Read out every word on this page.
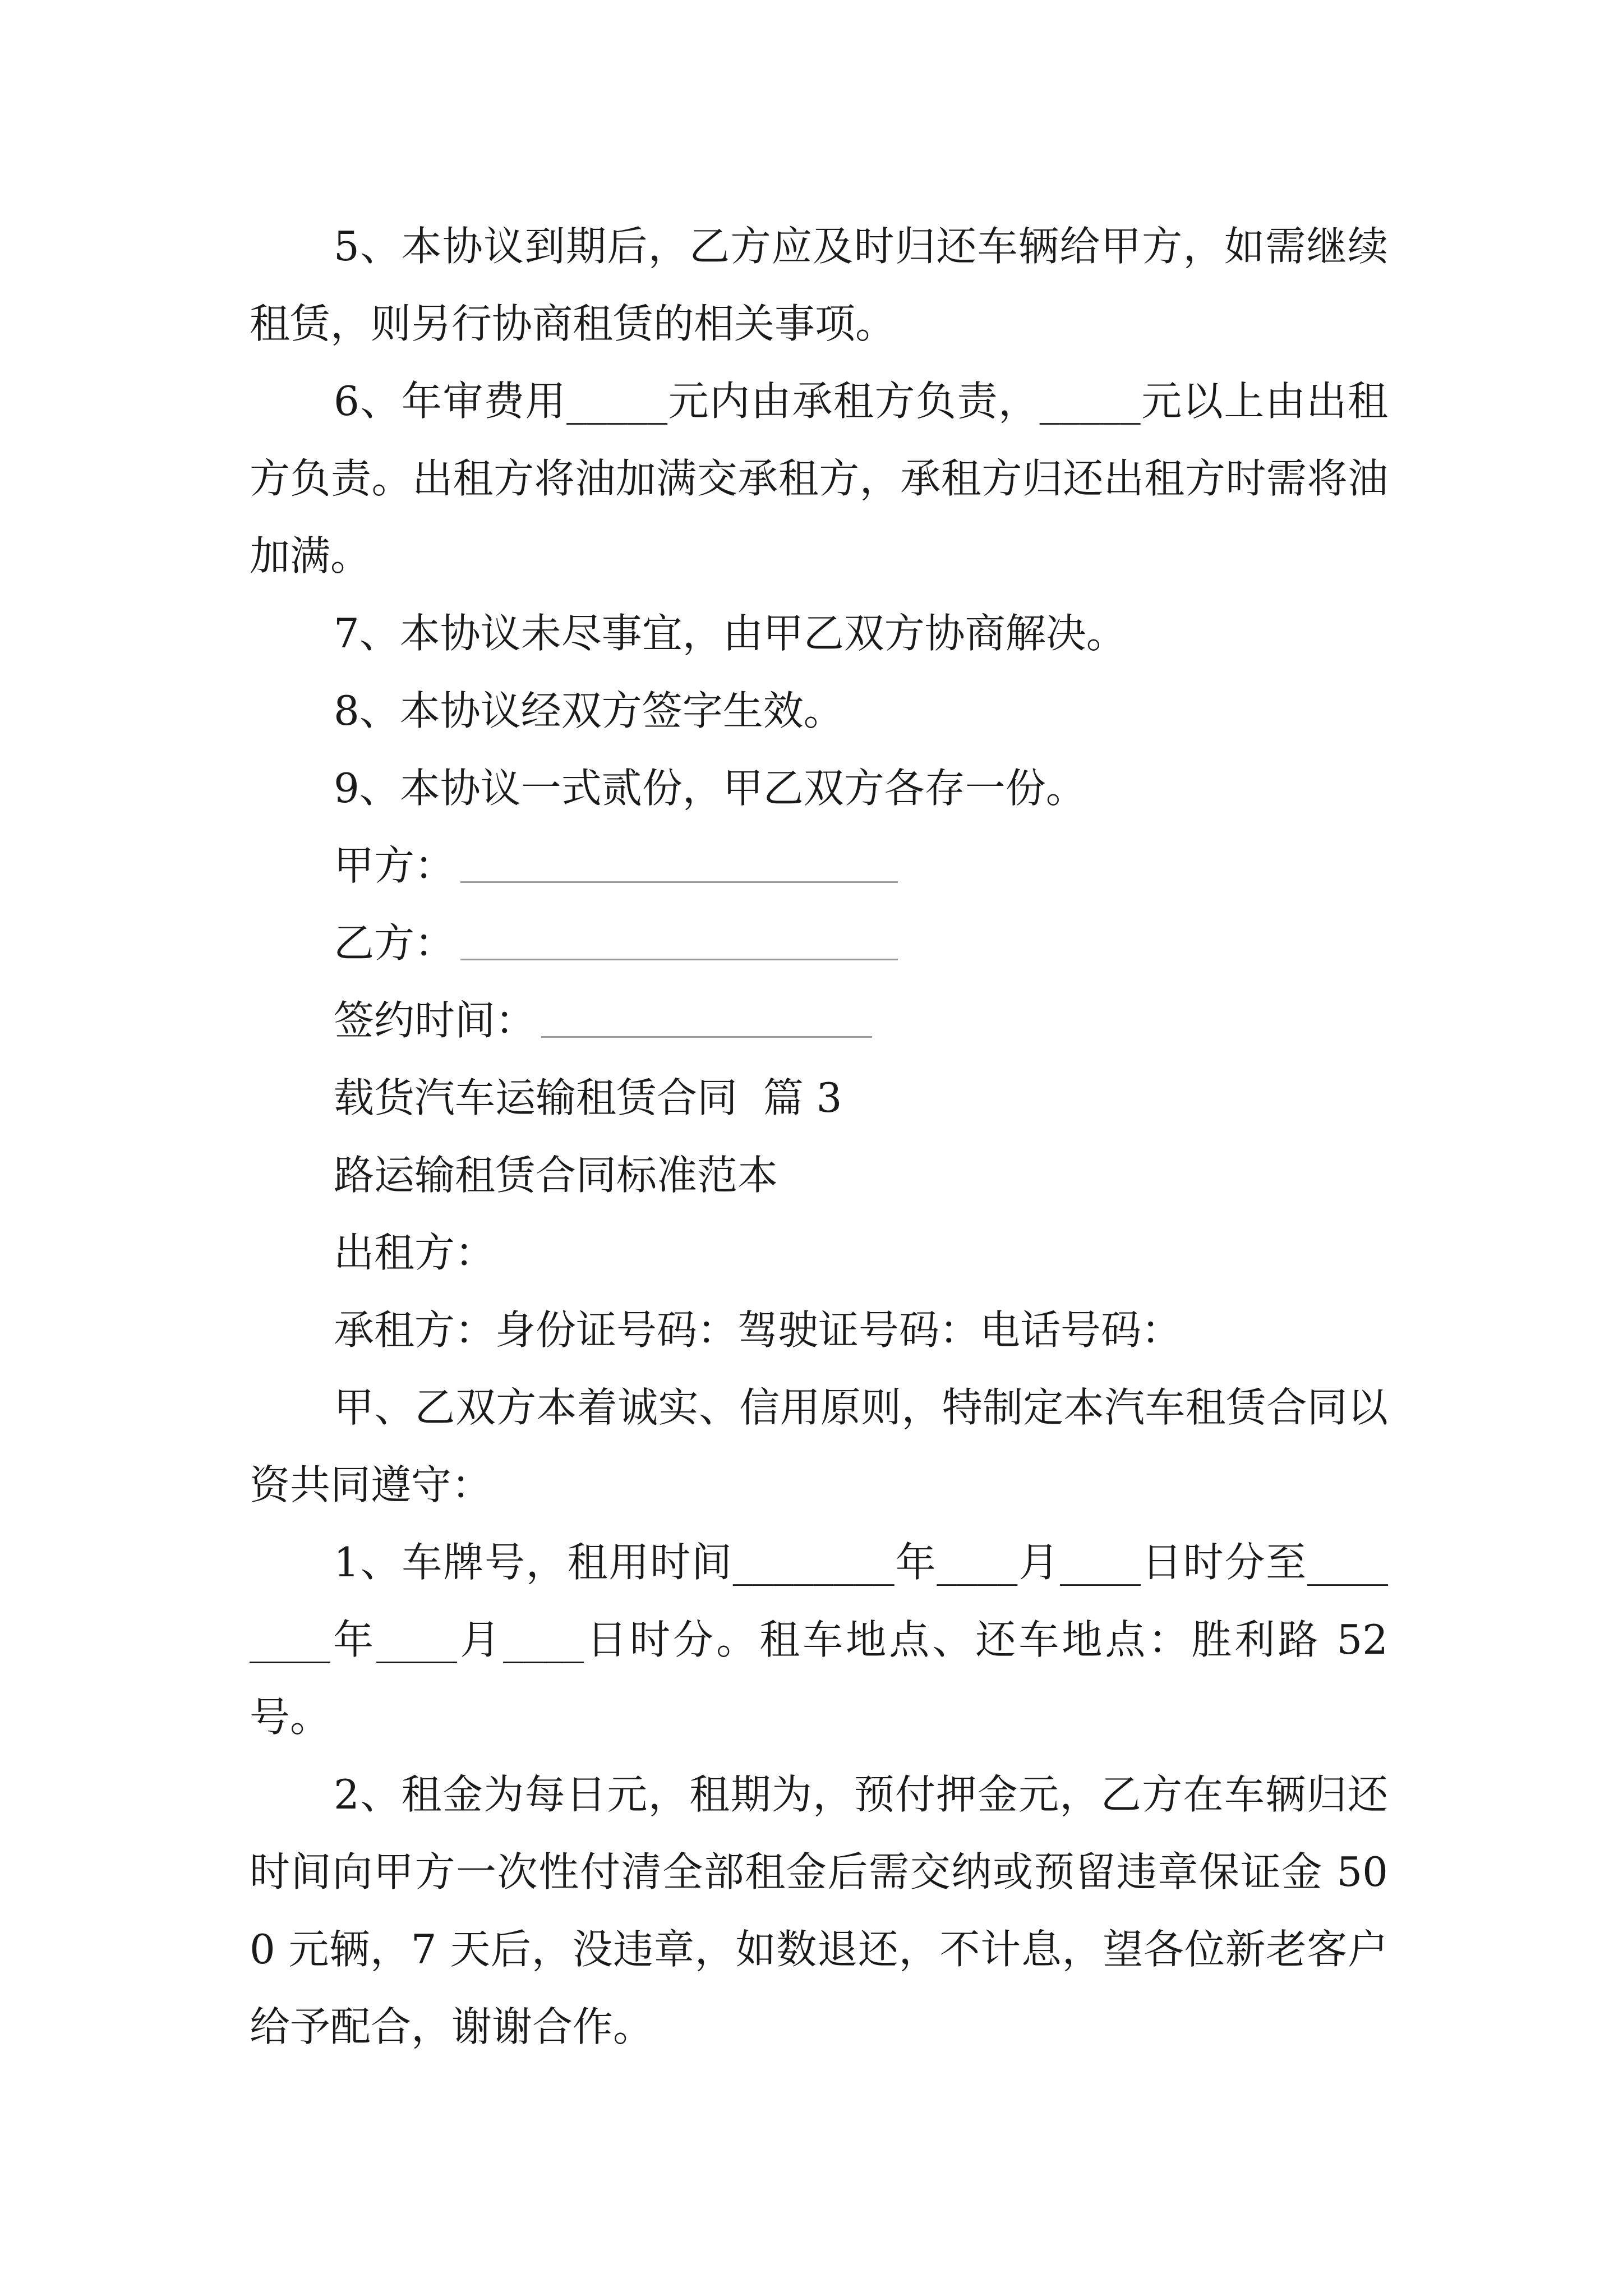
5、本协议到期后，乙方应及时归还车辆给甲方，如需继续租赁，则另行协商租赁的相关事项。

6、年审费用_____元内由承租方负责，_____元以上由出租方负责。出租方将油加满交承租方，承租方归还出租方时需将油加满。

7、本协议未尽事宜，由甲乙双方协商解决。

8、本协议经双方签字生效。

9、本协议一式贰份，甲乙双方各存一份。

甲方：

乙方：

签约时间：

载货汽车运输租赁合同  篇 3

路运输租赁合同标准范本

出租方：

承租方：身份证号码：驾驶证号码：电话号码：

甲、乙双方本着诚实、信用原则，特制定本汽车租赁合同以资共同遵守：

1、车牌号，租用时间________年____月____日时分至________年____月____日时分。租车地点、还车地点：胜利路 52 号。

2、租金为每日元，租期为，预付押金元，乙方在车辆归还时间向甲方一次性付清全部租金后需交纳或预留违章保证金 500 元辆，7 天后，没违章，如数退还，不计息，望各位新老客户给予配合，谢谢合作。
